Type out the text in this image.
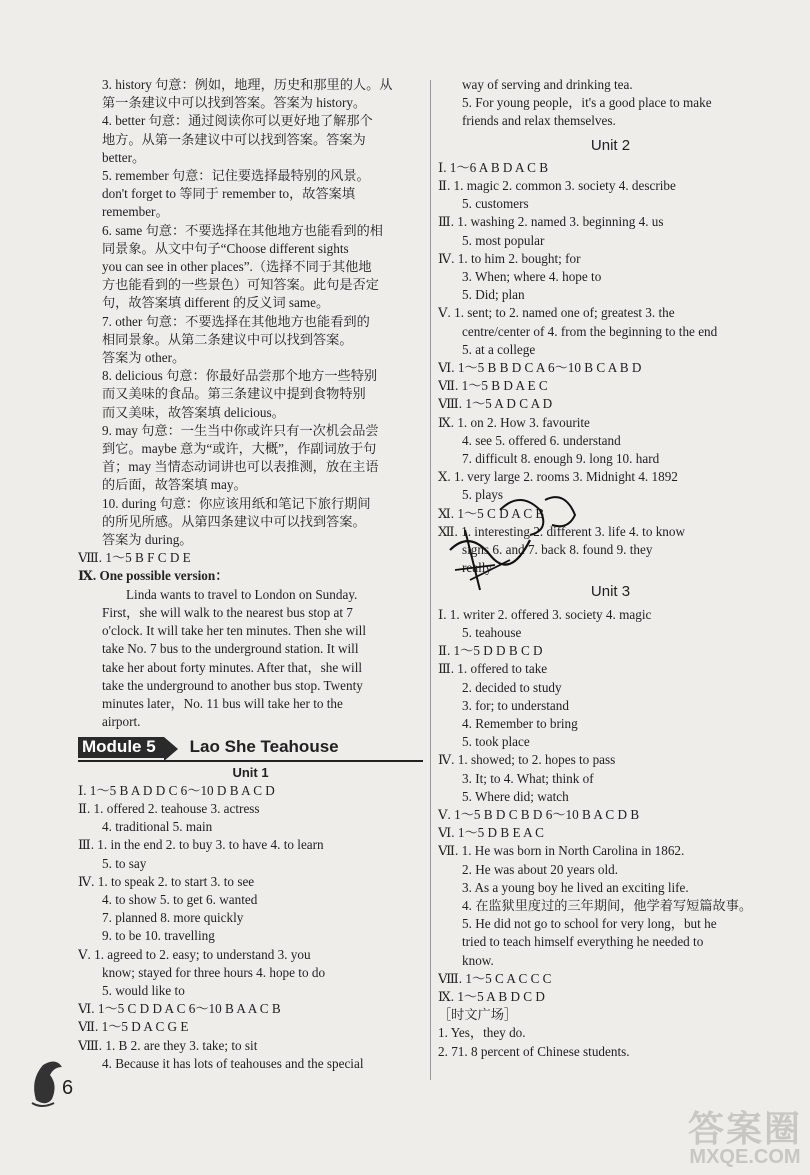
3. history 句意：例如，地理，历史和那里的人。从
第一条建议中可以找到答案。答案为 history。
4. better 句意：通过阅读你可以更好地了解那个
地方。从第一条建议中可以找到答案。答案为
better。
5. remember 句意：记住要选择最特别的风景。
don't forget to 等同于 remember to，故答案填
remember。
6. same 句意：不要选择在其他地方也能看到的相
同景象。从文中句子“Choose different sights
you can see in other places”.（选择不同于其他地
方也能看到的一些景色）可知答案。此句是否定
句，故答案填 different 的反义词 same。
7. other 句意：不要选择在其他地方也能看到的
相同景象。从第二条建议中可以找到答案。
答案为 other。
8. delicious 句意：你最好品尝那个地方一些特别
而又美味的食品。第三条建议中提到食物特别
而又美味，故答案填 delicious。
9. may 句意：一生当中你或许只有一次机会品尝
到它。maybe 意为“或许，大概”，作副词放于句
首；may 当情态动词讲也可以表推测，放在主语
的后面，故答案填 may。
10. during 句意：你应该用纸和笔记下旅行期间
的所见所感。从第四条建议中可以找到答案。
答案为 during。
Ⅷ. 1～5 B F C D E
Ⅸ. One possible version：
Linda wants to travel to London on Sunday.
First，she will walk to the nearest bus stop at 7
o'clock. It will take her ten minutes. Then she will
take No. 7 bus to the underground station. It will
take her about forty minutes. After that，she will
take the underground to another bus stop. Twenty
minutes later，No. 11 bus will take her to the
airport.
Module 5	Lao She Teahouse
Unit 1
Ⅰ. 1～5 B A D D C 6～10 D B A C D
Ⅱ. 1. offered 2. teahouse 3. actress
4. traditional 5. main
Ⅲ. 1. in the end 2. to buy 3. to have 4. to learn
5. to say
Ⅳ. 1. to speak 2. to start 3. to see
4. to show 5. to get 6. wanted
7. planned 8. more quickly
9. to be 10. travelling
Ⅴ. 1. agreed to 2. easy; to understand 3. you
know; stayed for three hours 4. hope to do
5. would like to
Ⅵ. 1～5 C D D A C 6～10 B A A C B
Ⅶ. 1～5 D A C G E
Ⅷ. 1. B 2. are they 3. take; to sit
4. Because it has lots of teahouses and the special
way of serving and drinking tea.
5. For young people，it's a good place to make
friends and relax themselves.
Unit 2
Ⅰ. 1～6 A B D A C B
Ⅱ. 1. magic 2. common 3. society 4. describe
5. customers
Ⅲ. 1. washing 2. named 3. beginning 4. us
5. most popular
Ⅳ. 1. to him 2. bought; for
3. When; where 4. hope to
5. Did; plan
Ⅴ. 1. sent; to 2. named one of; greatest 3. the
centre/center of 4. from the beginning to the end
5. at a college
Ⅵ. 1～5 B B D C A 6～10 B C A B D
Ⅶ. 1～5 B D A E C
Ⅷ. 1～5 A D C A D
Ⅸ. 1. on 2. How 3. favourite
4. see 5. offered 6. understand
7. difficult 8. enough 9. long 10. hard
Ⅹ. 1. very large 2. rooms 3. Midnight 4. 1892
5. plays
Ⅺ. 1～5 C D A C B
Ⅻ. 1. interesting 2. different 3. life 4. to know
signs 6. and 7. back 8. found 9. they
really
Unit 3
Ⅰ. 1. writer 2. offered 3. society 4. magic
5. teahouse
Ⅱ. 1～5 D D B C D
Ⅲ. 1. offered to take
2. decided to study
3. for; to understand
4. Remember to bring
5. took place
Ⅳ. 1. showed; to 2. hopes to pass
3. It; to 4. What; think of
5. Where did; watch
Ⅴ. 1～5 B D C B D 6～10 B A C D B
Ⅵ. 1～5 D B E A C
Ⅶ. 1. He was born in North Carolina in 1862.
2. He was about 20 years old.
3. As a young boy he lived an exciting life.
4. 在监狱里度过的三年期间，他学着写短篇故事。
5. He did not go to school for very long，but he
tried to teach himself everything he needed to
know.
Ⅷ. 1～5 C A C C C
Ⅸ. 1～5 A B D C D
［时文广场］
1. Yes，they do.
2. 71. 8 percent of Chinese students.
6
答案圈
MXQE.COM
